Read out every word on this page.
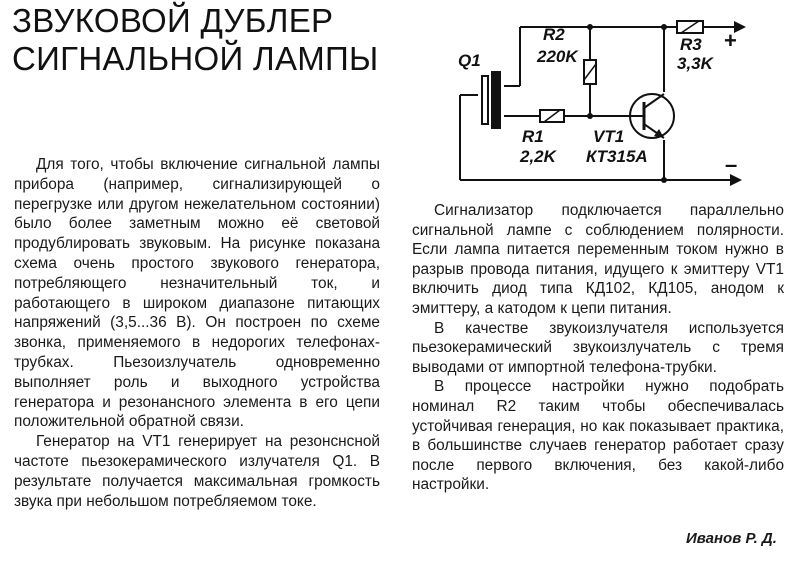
ЗВУКОВОЙ ДУБЛЕР
СИГНАЛЬНОЙ ЛАМПЫ	Q1
R2
220K
R3
3,3K
R1
2,2K
VT1
КТ315А
+
–

Для того, чтобы включение сигнальной лампы прибора (например, сигнализирующей о перегрузке или другом нежелательном состоянии) было более заметным можно её световой продублировать звуковым. На рисунке показана схема очень простого звукового генератора, потребляющего незначительный ток, и работающего в широком диапазоне питающих напряжений (3,5...36 В). Он построен по схеме звонка, применяемого в недорогих телефонах-трубках. Пьезоизлучатель одновременно выполняет роль и выходного устройства генератора и резонансного элемента в его цепи положительной обратной связи.

Генератор на VT1 генерирует на резонснсной частоте пьезокерамического излучателя Q1. В результате получается максимальная громкость звука при небольшом потребляемом токе.

Сигнализатор подключается параллельно сигнальной лампе с соблюдением полярности. Если лампа питается переменным током нужно в разрыв провода питания, идущего к эмиттеру VT1 включить диод типа КД102, КД105, анодом к эмиттеру, а катодом к цепи питания.

В качестве звукоизлучателя используется пьезокерамический звукоизлучатель с тремя выводами от импортной телефона-трубки.

В процессе настройки нужно подобрать номинал R2 таким чтобы обеспечивалась устойчивая генерация, но как показывает практика, в большинстве случаев генератор работает сразу после первого включения, без какой-либо настройки.

Иванов Р. Д.
